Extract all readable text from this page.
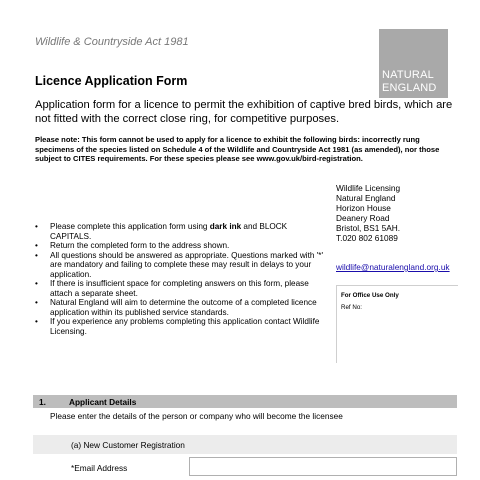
Wildlife & Countryside Act 1981
NATURAL
ENGLAND
Licence Application Form
Application form for a licence to permit the exhibition of captive bred birds, which are not fitted with the correct close ring, for competitive purposes.
Please note: This form cannot be used to apply for a licence to exhibit the following birds: incorrectly rung specimens of the species listed on Schedule 4 of the Wildlife and Countryside Act 1981 (as amended), nor those subject to CITES requirements. For these species please see www.gov.uk/bird-registration.
Wildlife Licensing
Natural England
Horizon House
Deanery Road
Bristol, BS1 5AH.
T.020 802 61089
wildlife@naturalengland.org.uk
For Office Use Only
Ref No:
• Please complete this application form using dark ink and BLOCK CAPITALS.
• Return the completed form to the address shown.
• All questions should be answered as appropriate. Questions marked with '*' are mandatory and failing to complete these may result in delays to your application.
• If there is insufficient space for completing answers on this form, please attach a separate sheet.
• Natural England will aim to determine the outcome of a completed licence application within its published service standards.
• If you experience any problems completing this application contact Wildlife Licensing.
1.	Applicant Details
Please enter the details of the person or company who will become the licensee
(a) New Customer Registration
*Email Address
